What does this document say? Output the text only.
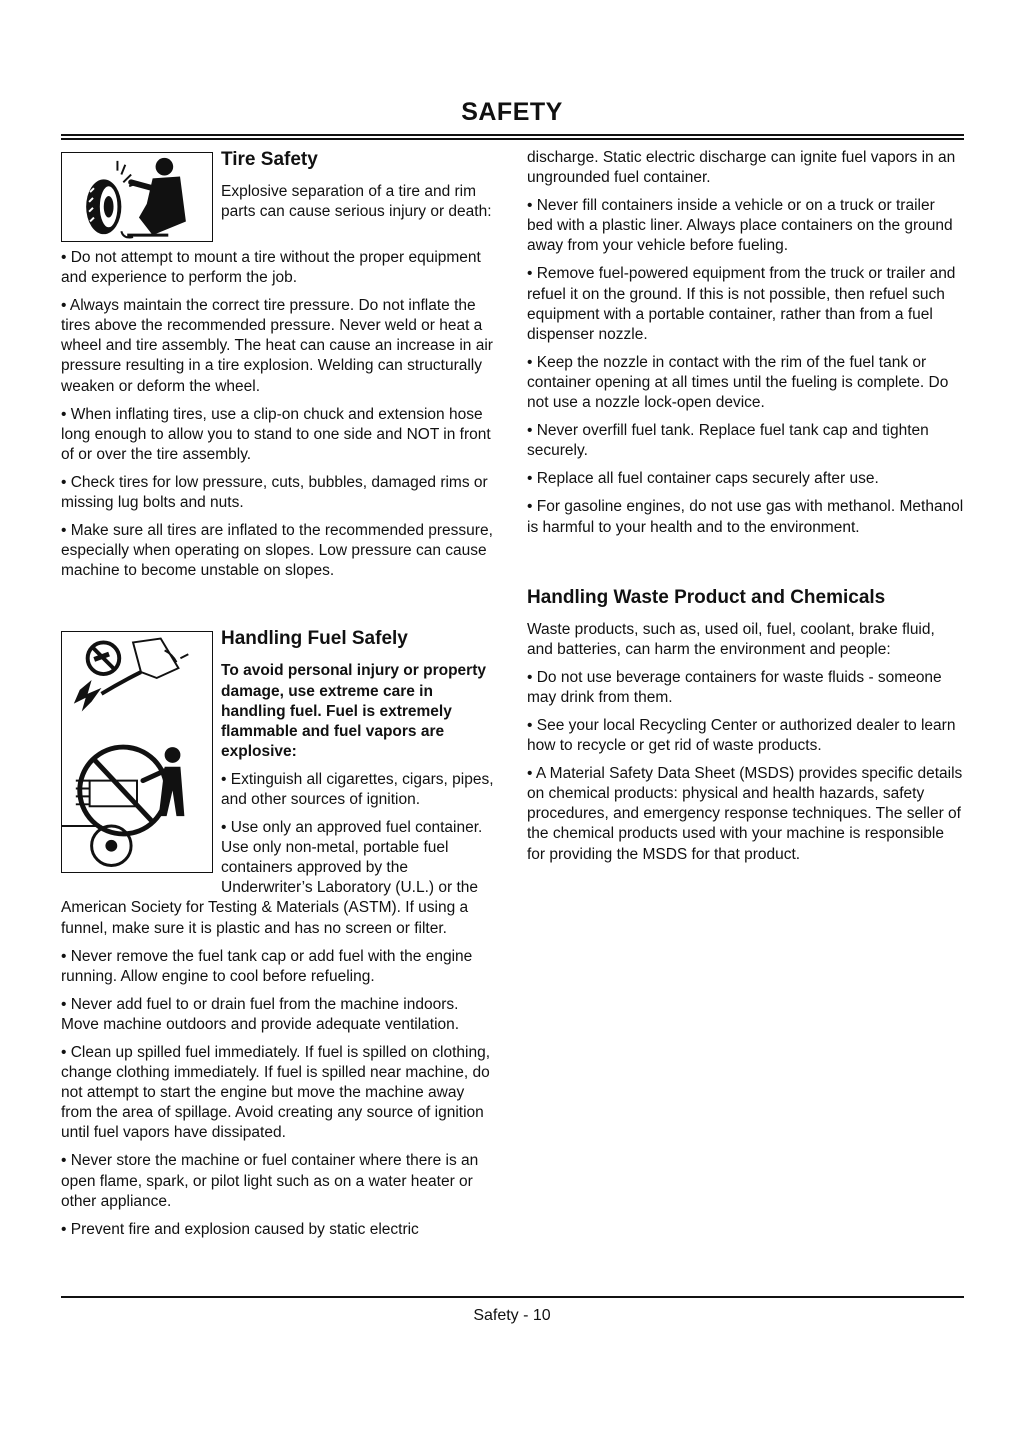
SAFETY
Tire Safety

Explosive separation of a tire and rim parts can cause serious injury or death:

• Do not attempt to mount a tire without the proper equipment and experience to perform the job.

• Always maintain the correct tire pressure. Do not inflate the tires above the recommended pressure. Never weld or heat a wheel and tire assembly. The heat can cause an increase in air pressure resulting in a tire explosion. Welding can structurally weaken or deform the wheel.

• When inflating tires, use a clip-on chuck and extension hose long enough to allow you to stand to one side and NOT in front of or over the tire assembly.

• Check tires for low pressure, cuts, bubbles, damaged rims or missing lug bolts and nuts.

• Make sure all tires are inflated to the recommended pressure, especially when operating on slopes. Low pressure can cause machine to become unstable on slopes.

Handling Fuel Safely

To avoid personal injury or property damage, use extreme care in handling fuel. Fuel is extremely flammable and fuel vapors are explosive:

• Extinguish all cigarettes, cigars, pipes, and other sources of ignition.

• Use only an approved fuel container. Use only non-metal, portable fuel containers approved by the Underwriter’s Laboratory (U.L.) or the American Society for Testing & Materials (ASTM). If using a funnel, make sure it is plastic and has no screen or filter.

• Never remove the fuel tank cap or add fuel with the engine running. Allow engine to cool before refueling.

• Never add fuel to or drain fuel from the machine indoors. Move machine outdoors and provide adequate ventilation.

• Clean up spilled fuel immediately. If fuel is spilled on clothing, change clothing immediately. If fuel is spilled near machine, do not attempt to start the engine but move the machine away from the area of spillage. Avoid creating any source of ignition until fuel vapors have dissipated.

• Never store the machine or fuel container where there is an open flame, spark, or pilot light such as on a water heater or other appliance.

• Prevent fire and explosion caused by static electric

discharge. Static electric discharge can ignite fuel vapors in an ungrounded fuel container.

• Never fill containers inside a vehicle or on a truck or trailer bed with a plastic liner. Always place containers on the ground away from your vehicle before fueling.

• Remove fuel-powered equipment from the truck or trailer and refuel it on the ground. If this is not possible, then refuel such equipment with a portable container, rather than from a fuel dispenser nozzle.

• Keep the nozzle in contact with the rim of the fuel tank or container opening at all times until the fueling is complete. Do not use a nozzle lock-open device.

• Never overfill fuel tank. Replace fuel tank cap and tighten securely.

• Replace all fuel container caps securely after use.

• For gasoline engines, do not use gas with methanol. Methanol is harmful to your health and to the environment.

Handling Waste Product and Chemicals

Waste products, such as, used oil, fuel, coolant, brake fluid, and batteries, can harm the environment and people:

• Do not use beverage containers for waste fluids - someone may drink from them.

• See your local Recycling Center or authorized dealer to learn how to recycle or get rid of waste products.

• A Material Safety Data Sheet (MSDS) provides specific details on chemical products: physical and health hazards, safety procedures, and emergency response techniques. The seller of the chemical products used with your machine is responsible for providing the MSDS for that product.

Safety - 10
